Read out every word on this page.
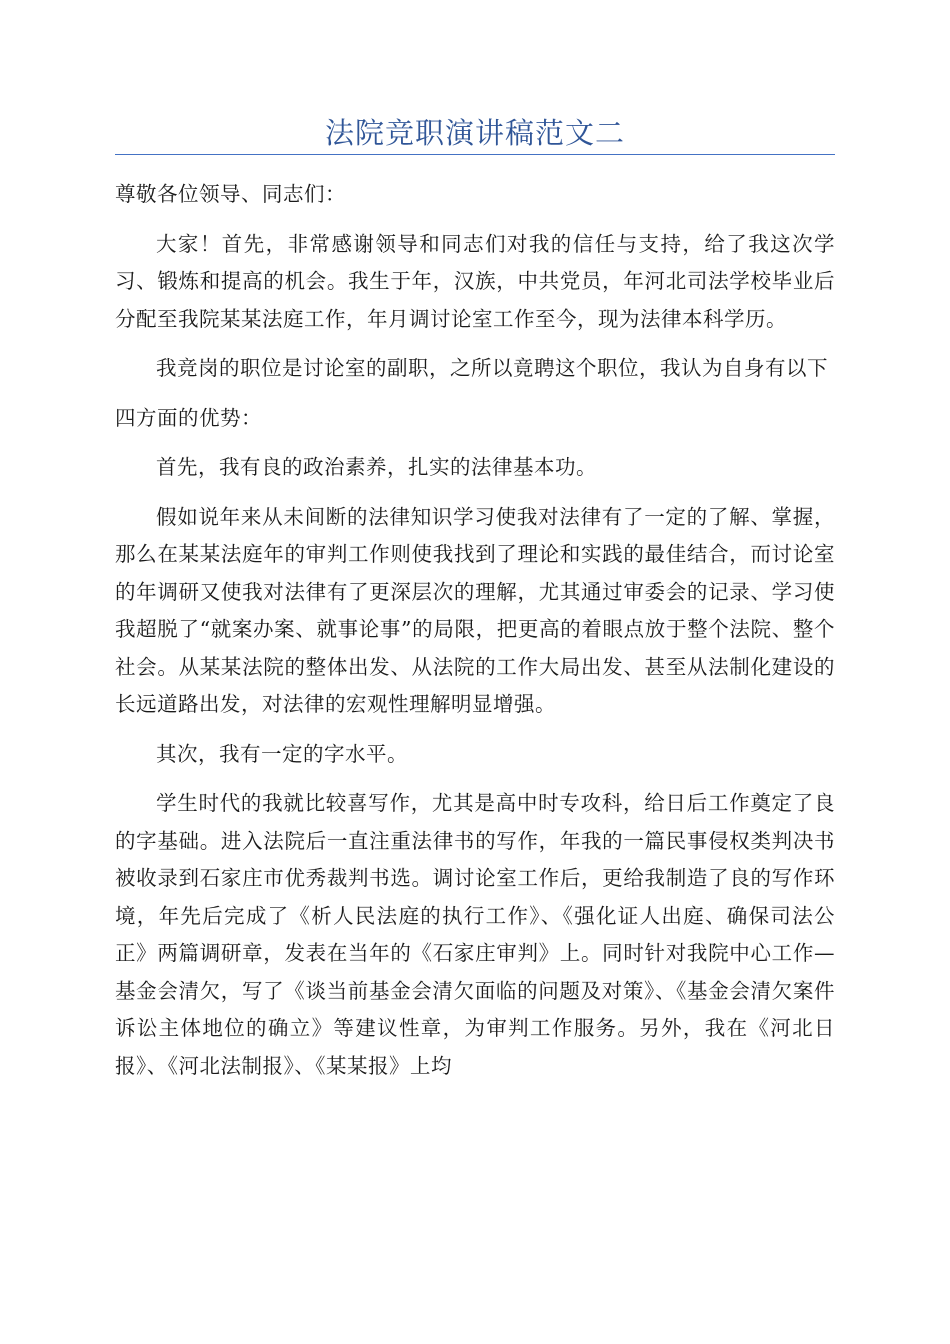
法院竞职演讲稿范文二

尊敬各位领导、同志们：

大家！首先，非常感谢领导和同志们对我的信任与支持，给了我这次学习、锻炼和提高的机会。我生于年，汉族，中共党员，年河北司法学校毕业后分配至我院某某法庭工作，年月调讨论室工作至今，现为法律本科学历。

我竞岗的职位是讨论室的副职，之所以竟聘这个职位，我认为自身有以下

四方面的优势：

首先，我有良的政治素养，扎实的法律基本功。

假如说年来从未间断的法律知识学习使我对法律有了一定的了解、掌握，那么在某某法庭年的审判工作则使我找到了理论和实践的最佳结合，而讨论室的年调研又使我对法律有了更深层次的理解，尤其通过审委会的记录、学习使我超脱了“就案办案、就事论事”的局限，把更高的着眼点放于整个法院、整个社会。从某某法院的整体出发、从法院的工作大局出发、甚至从法制化建设的长远道路出发，对法律的宏观性理解明显增强。

其次，我有一定的字水平。

学生时代的我就比较喜写作，尤其是高中时专攻科，给日后工作奠定了良的字基础。进入法院后一直注重法律书的写作，年我的一篇民事侵权类判决书被收录到石家庄市优秀裁判书选。调讨论室工作后，更给我制造了良的写作环境，年先后完成了《析人民法庭的执行工作》、《强化证人出庭、确保司法公正》两篇调研章，发表在当年的《石家庄审判》上。同时针对我院中心工作—基金会清欠，写了《谈当前基金会清欠面临的问题及对策》、《基金会清欠案件诉讼主体地位的确立》等建议性章，为审判工作服务。另外，我在《河北日报》、《河北法制报》、《某某报》上均
